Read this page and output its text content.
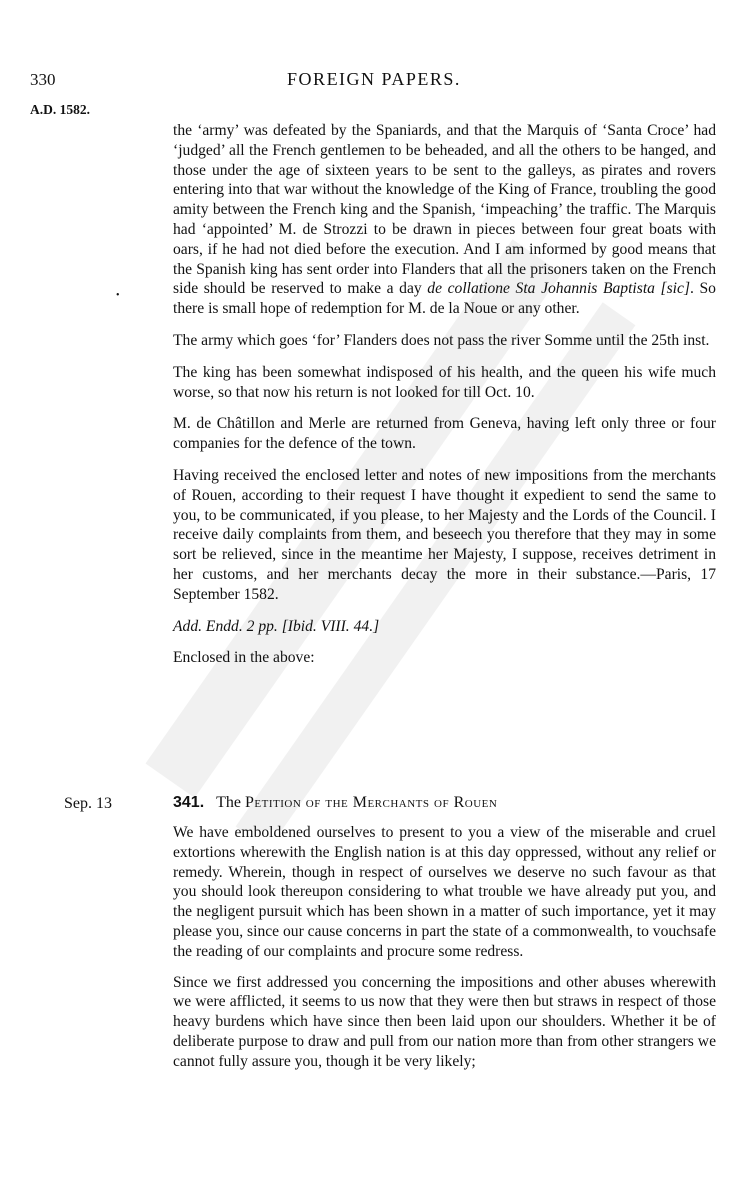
330	FOREIGN PAPERS.
A.D. 1582.
•

the ‘army’ was defeated by the Spaniards, and that the Marquis of ‘Santa Croce’ had ‘judged’ all the French gentlemen to be beheaded, and all the others to be hanged, and those under the age of sixteen years to be sent to the galleys, as pirates and rovers entering into that war without the knowledge of the King of France, troubling the good amity between the French king and the Spanish, ‘impeaching’ the traffic. The Marquis had ‘appointed’ M. de Strozzi to be drawn in pieces between four great boats with oars, if he had not died before the execution. And I am informed by good means that the Spanish king has sent order into Flanders that all the prisoners taken on the French side should be reserved to make a day de collatione Sta Johannis Baptista [sic]. So there is small hope of redemption for M. de la Noue or any other.

The army which goes ‘for’ Flanders does not pass the river Somme until the 25th inst.

The king has been somewhat indisposed of his health, and the queen his wife much worse, so that now his return is not looked for till Oct. 10.

M. de Châtillon and Merle are returned from Geneva, having left only three or four companies for the defence of the town.

Having received the enclosed letter and notes of new impositions from the merchants of Rouen, according to their request I have thought it expedient to send the same to you, to be communicated, if you please, to her Majesty and the Lords of the Council. I receive daily complaints from them, and beseech you therefore that they may in some sort be relieved, since in the meantime her Majesty, I suppose, receives detriment in her customs, and her merchants decay the more in their substance.—Paris, 17 September 1582.

Add. Endd. 2 pp. [Ibid. VIII. 44.]

Enclosed in the above:

Sep. 13	341. The Petition of the Merchants of Rouen

We have emboldened ourselves to present to you a view of the miserable and cruel extortions wherewith the English nation is at this day oppressed, without any relief or remedy. Wherein, though in respect of ourselves we deserve no such favour as that you should look thereupon considering to what trouble we have already put you, and the negligent pursuit which has been shown in a matter of such importance, yet it may please you, since our cause concerns in part the state of a commonwealth, to vouchsafe the reading of our complaints and procure some redress.

Since we first addressed you concerning the impositions and other abuses wherewith we were afflicted, it seems to us now that they were then but straws in respect of those heavy burdens which have since then been laid upon our shoulders. Whether it be of deliberate purpose to draw and pull from our nation more than from other strangers we cannot fully assure you, though it be very likely;
